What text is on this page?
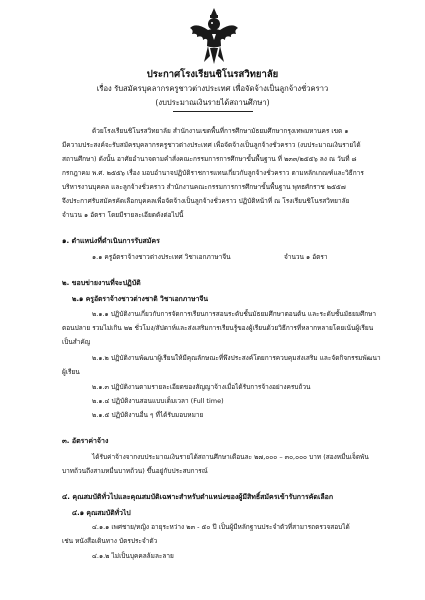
ประกาศโรงเรียนชิโนรสวิทยาลัย
เรื่อง รับสมัครบุคลากรครูชาวต่างประเทศ เพื่อจัดจ้างเป็นลูกจ้างชั่วคราว
(งบประมาณเงินรายได้สถานศึกษา)
ด้วยโรงเรียนชิโนรสวิทยาลัย สำนักงานเขตพื้นที่การศึกษามัธยมศึกษากรุงเทพมหานคร เขต ๑
มีความประสงค์จะรับสมัครบุคลากรครูชาวต่างประเทศ เพื่อจัดจ้างเป็นลูกจ้างชั่วคราว (งบประมาณเงินรายได้
สถานศึกษา) ดังนั้น อาศัยอำนาจตามคำสั่งคณะกรรมการการศึกษาขั้นพื้นฐาน ที่ ๒๓๓/๒๕๕๖ ลง ณ วันที่ ๘
กรกฎาคม พ.ศ. ๒๕๕๖ เรื่อง มอบอำนาจปฏิบัติราชการแทนเกี่ยวกับลูกจ้างชั่วคราว ตามหลักเกณฑ์และวิธีการ
บริหารงานบุคคล และลูกจ้างชั่วคราว สำนักงานคณะกรรมการการศึกษาขั้นพื้นฐาน พุทธศักราช ๒๕๕๗
จึงประกาศรับสมัครคัดเลือกบุคคลเพื่อจัดจ้างเป็นลูกจ้างชั่วคราว ปฏิบัติหน้าที่ ณ โรงเรียนชิโนรสวิทยาลัย
จำนวน ๑ อัตรา โดยมีรายละเอียดดังต่อไปนี้
๑. ตำแหน่งที่ดำเนินการรับสมัคร
๑.๑ ครูอัตราจ้างชาวต่างประเทศ วิชาเอกภาษาจีน	จำนวน ๑ อัตรา
๒. ขอบข่ายงานที่จะปฏิบัติ
๒.๑ ครูอัตราจ้างชาวต่างชาติ วิชาเอกภาษาจีน
๒.๑.๑ ปฏิบัติงานเกี่ยวกับการจัดการเรียนการสอนระดับชั้นมัธยมศึกษาตอนต้น และระดับชั้นมัธยมศึกษา
ตอนปลาย รวมไม่เกิน ๒๒ ชั่วโมง/สัปดาห์และส่งเสริมการเรียนรู้ของผู้เรียนด้วยวิธีการที่หลากหลายโดยเน้นผู้เรียน
เป็นสำคัญ
๒.๑.๒ ปฏิบัติงานพัฒนาผู้เรียนให้มีคุณลักษณะที่พึงประสงค์โดยการควบคุมส่งเสริม และจัดกิจกรรมพัฒนา
ผู้เรียน
๒.๑.๓ ปฏิบัติงานตามรายละเอียดของสัญญาจ้างเมื่อได้รับการจ้างอย่างครบถ้วน
๒.๑.๔ ปฏิบัติงานสอนแบบเต็มเวลา (Full time)
๒.๑.๕ ปฏิบัติงานอื่น ๆ ที่ได้รับมอบหมาย
๓. อัตราค่าจ้าง
ได้รับค่าจ้างจากงบประมาณเงินรายได้สถานศึกษาเดือนละ ๒๗,๐๐๐ – ๓๐,๐๐๐ บาท (สองหมื่นเจ็ดพัน
บาทถ้วนถึงสามหมื่นบาทถ้วน) ขึ้นอยู่กับประสบการณ์
๔. คุณสมบัติทั่วไปและคุณสมบัติเฉพาะสำหรับตำแหน่งของผู้มีสิทธิ์สมัครเข้ารับการคัดเลือก
๔.๑ คุณสมบัติทั่วไป
๔.๑.๑ เพศชาย/หญิง อายุระหว่าง ๒๓ - ๕๐ ปี เป็นผู้มีหลักฐานประจำตัวที่สามารถตรวจสอบได้
เช่น หนังสือเดินทาง บัตรประจำตัว
๔.๑.๒ ไม่เป็นบุคคลล้มละลาย
